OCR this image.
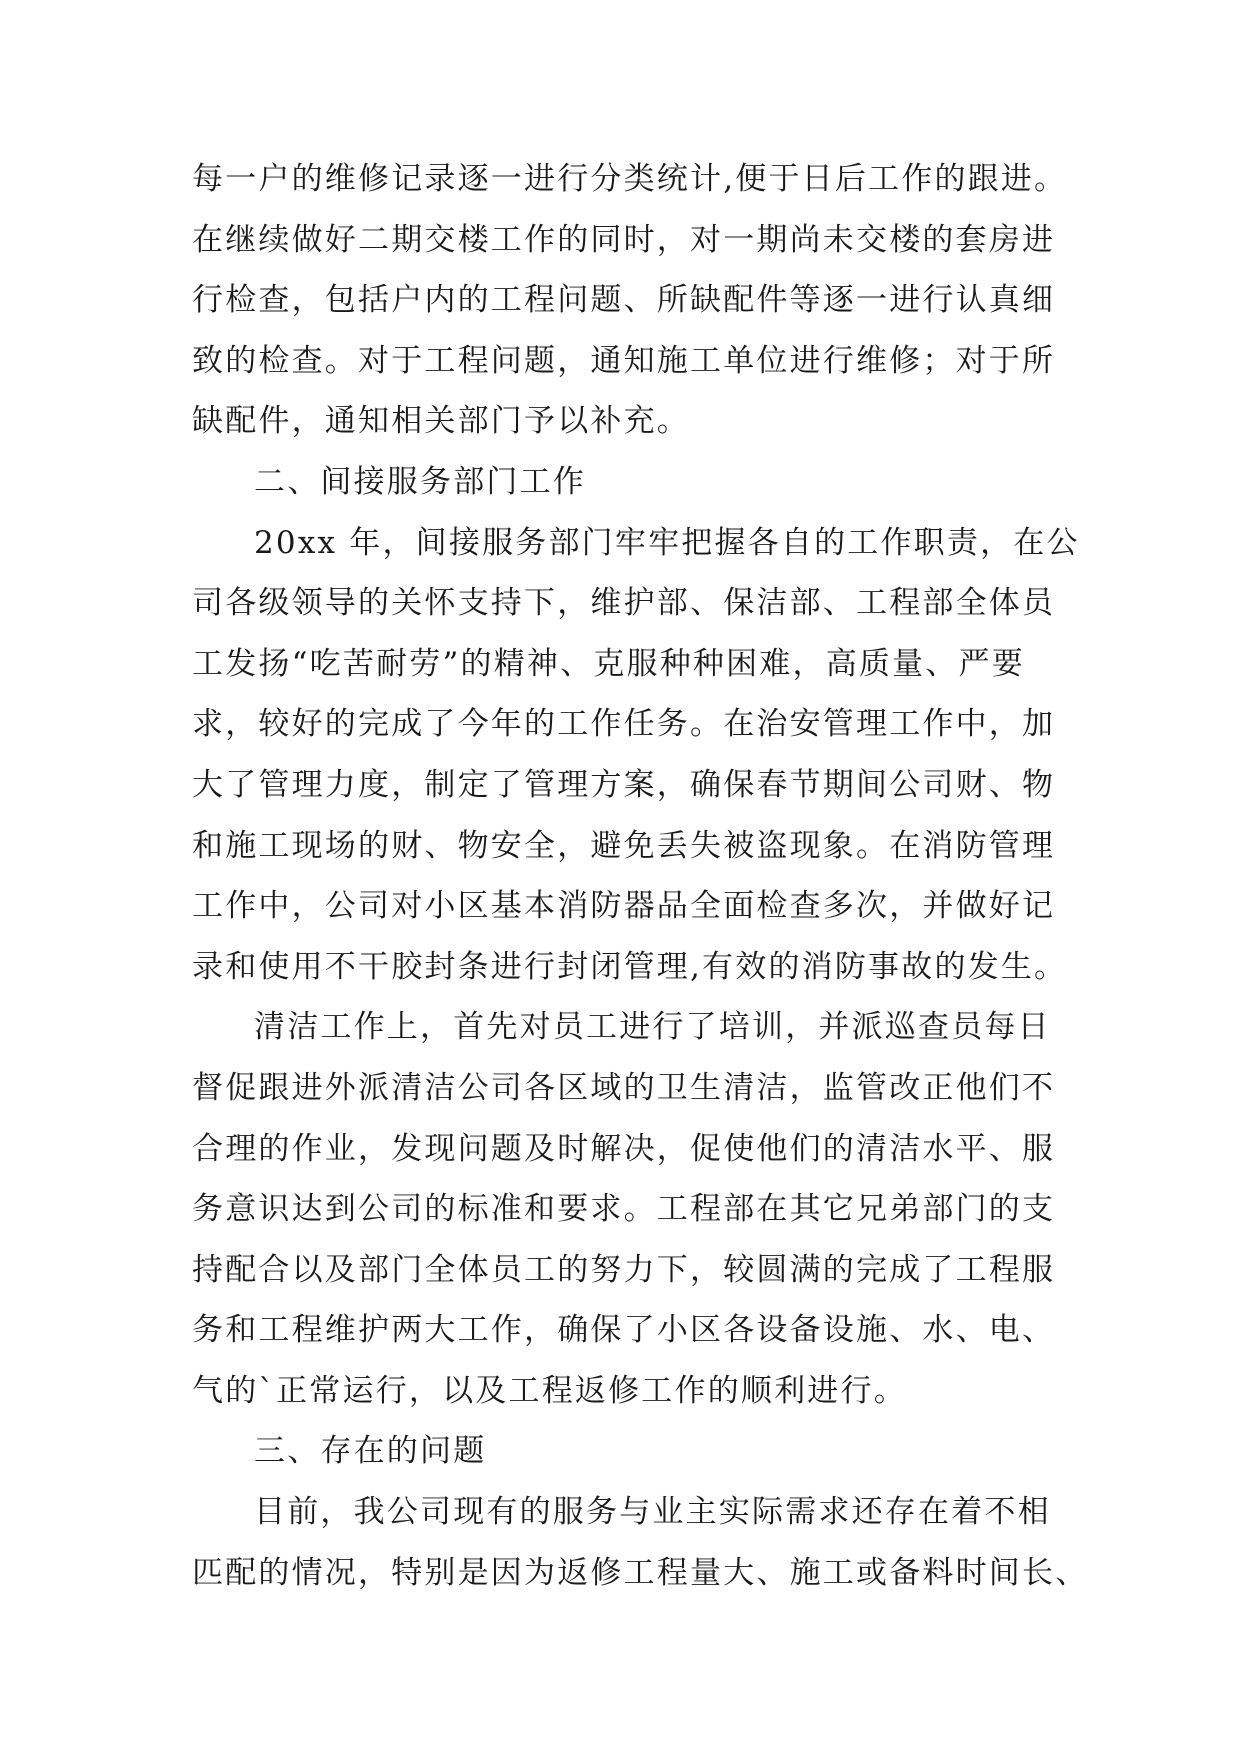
每一户的维修记录逐一进行分类统计,便于日后工作的跟进。
在继续做好二期交楼工作的同时，对一期尚未交楼的套房进
行检查，包括户内的工程问题、所缺配件等逐一进行认真细
致的检查。对于工程问题，通知施工单位进行维修；对于所
缺配件，通知相关部门予以补充。
二、间接服务部门工作
20xx 年，间接服务部门牢牢把握各自的工作职责，在公
司各级领导的关怀支持下，维护部、保洁部、工程部全体员
工发扬“吃苦耐劳”的精神、克服种种困难，高质量、严要
求，较好的完成了今年的工作任务。在治安管理工作中，加
大了管理力度，制定了管理方案，确保春节期间公司财、物
和施工现场的财、物安全，避免丢失被盗现象。在消防管理
工作中，公司对小区基本消防器品全面检查多次，并做好记
录和使用不干胶封条进行封闭管理,有效的消防事故的发生。
清洁工作上，首先对员工进行了培训，并派巡查员每日
督促跟进外派清洁公司各区域的卫生清洁，监管改正他们不
合理的作业，发现问题及时解决，促使他们的清洁水平、服
务意识达到公司的标准和要求。工程部在其它兄弟部门的支
持配合以及部门全体员工的努力下，较圆满的完成了工程服
务和工程维护两大工作，确保了小区各设备设施、水、电、
气的`正常运行，以及工程返修工作的顺利进行。
三、存在的问题
目前，我公司现有的服务与业主实际需求还存在着不相
匹配的情况，特别是因为返修工程量大、施工或备料时间长、
